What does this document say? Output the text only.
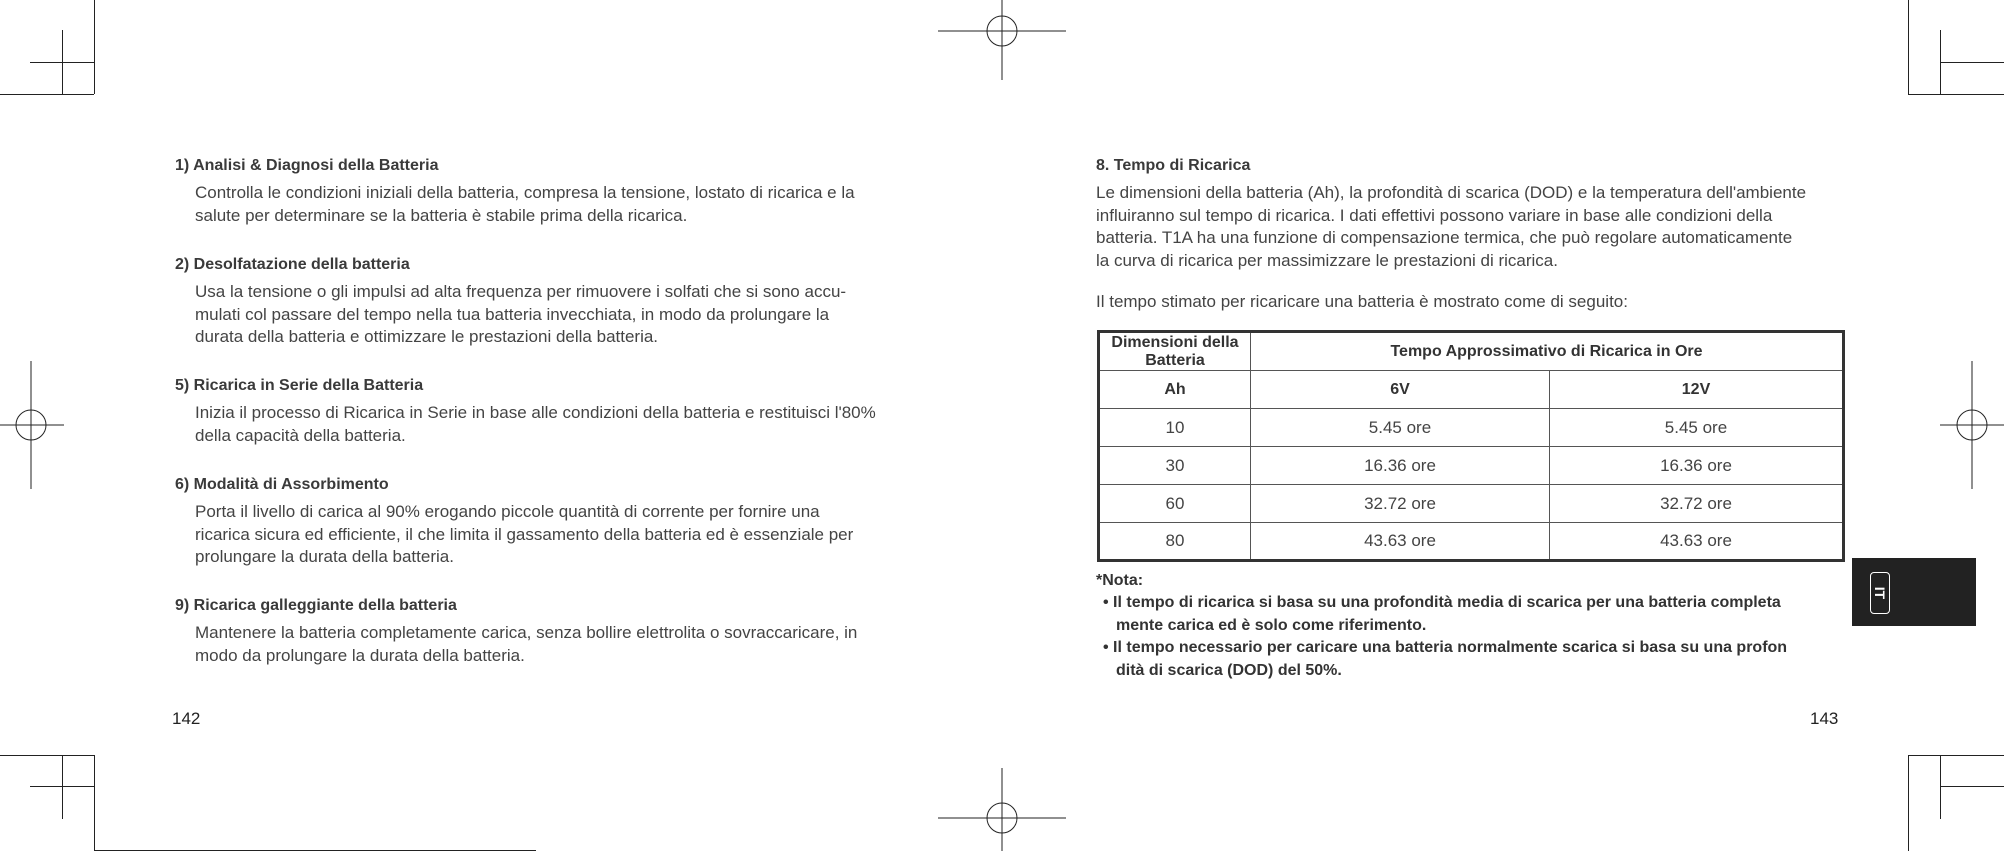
1) Analisi & Diagnosi della Batteria
Controlla le condizioni iniziali della batteria, compresa la tensione, lostato di ricarica e la
salute per determinare se la batteria è stabile prima della ricarica.
2) Desolfatazione della batteria
Usa la tensione o gli impulsi ad alta frequenza per rimuovere i solfati che si sono accu-
mulati col passare del tempo nella tua batteria invecchiata, in modo da prolungare la
durata della batteria e ottimizzare le prestazioni della batteria.
5) Ricarica in Serie della Batteria
Inizia il processo di Ricarica in Serie in base alle condizioni della batteria e restituisci l'80%
della capacità della batteria.
6) Modalità di Assorbimento
Porta il livello di carica al 90% erogando piccole quantità di corrente per fornire una
ricarica sicura ed efficiente, il che limita il gassamento della batteria ed è essenziale per
prolungare la durata della batteria.
9) Ricarica galleggiante della batteria
Mantenere la batteria completamente carica, senza bollire elettrolita o sovraccaricare, in
modo da prolungare la durata della batteria.
142
8. Tempo di Ricarica
Le dimensioni della batteria (Ah), la profondità di scarica (DOD) e la temperatura dell'ambiente
influiranno sul tempo di ricarica. I dati effettivi possono variare in base alle condizioni della
batteria. T1A ha una funzione di compensazione termica, che può regolare automaticamente
la curva di ricarica per massimizzare le prestazioni di ricarica.
Il tempo stimato per ricaricare una batteria è mostrato come di seguito:
Dimensioni della Batteria	Tempo Approssimativo di Ricarica in Ore	
Ah	6V	12V
10	5.45 ore	5.45 ore
30	16.36 ore	16.36 ore
60	32.72 ore	32.72 ore
80	43.63 ore	43.63 ore
*Nota:
• Il tempo di ricarica si basa su una profondità media di scarica per una batteria completa
mente carica ed è solo come riferimento.
• Il tempo necessario per caricare una batteria normalmente scarica si basa su una profon
dità di scarica (DOD) del 50%.
143
IT
